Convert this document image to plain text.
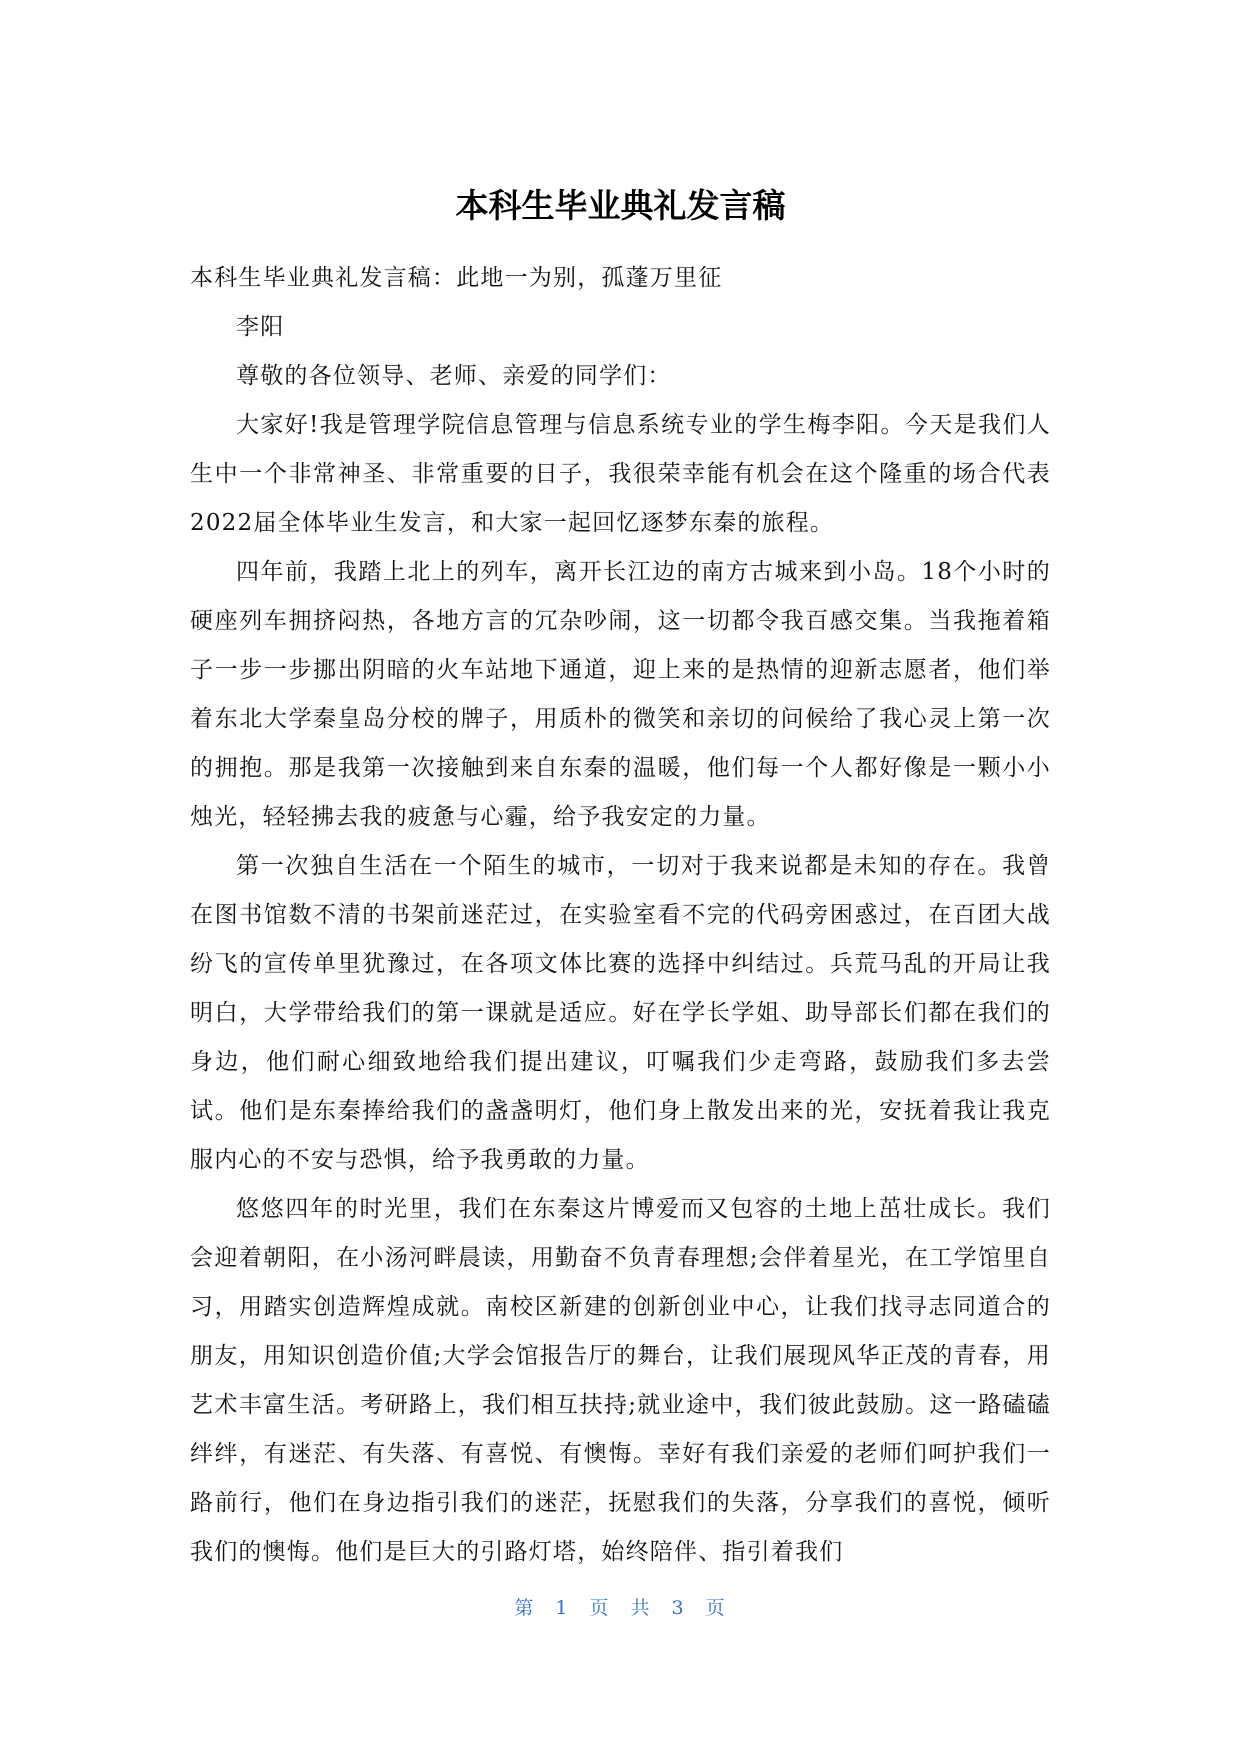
本科生毕业典礼发言稿

本科生毕业典礼发言稿：此地一为别，孤蓬万里征

李阳

尊敬的各位领导、老师、亲爱的同学们：

大家好!我是管理学院信息管理与信息系统专业的学生梅李阳。今天是我们人生中一个非常神圣、非常重要的日子，我很荣幸能有机会在这个隆重的场合代表2022届全体毕业生发言，和大家一起回忆逐梦东秦的旅程。

四年前，我踏上北上的列车，离开长江边的南方古城来到小岛。18个小时的硬座列车拥挤闷热，各地方言的冗杂吵闹，这一切都令我百感交集。当我拖着箱子一步一步挪出阴暗的火车站地下通道，迎上来的是热情的迎新志愿者，他们举着东北大学秦皇岛分校的牌子，用质朴的微笑和亲切的问候给了我心灵上第一次的拥抱。那是我第一次接触到来自东秦的温暖，他们每一个人都好像是一颗小小烛光，轻轻拂去我的疲惫与心霾，给予我安定的力量。

第一次独自生活在一个陌生的城市，一切对于我来说都是未知的存在。我曾在图书馆数不清的书架前迷茫过，在实验室看不完的代码旁困惑过，在百团大战纷飞的宣传单里犹豫过，在各项文体比赛的选择中纠结过。兵荒马乱的开局让我明白，大学带给我们的第一课就是适应。好在学长学姐、助导部长们都在我们的身边，他们耐心细致地给我们提出建议，叮嘱我们少走弯路，鼓励我们多去尝试。他们是东秦捧给我们的盏盏明灯，他们身上散发出来的光，安抚着我让我克服内心的不安与恐惧，给予我勇敢的力量。

悠悠四年的时光里，我们在东秦这片博爱而又包容的土地上茁壮成长。我们会迎着朝阳，在小汤河畔晨读，用勤奋不负青春理想;会伴着星光，在工学馆里自习，用踏实创造辉煌成就。南校区新建的创新创业中心，让我们找寻志同道合的朋友，用知识创造价值;大学会馆报告厅的舞台，让我们展现风华正茂的青春，用艺术丰富生活。考研路上，我们相互扶持;就业途中，我们彼此鼓励。这一路磕磕绊绊，有迷茫、有失落、有喜悦、有懊悔。幸好有我们亲爱的老师们呵护我们一路前行，他们在身边指引我们的迷茫，抚慰我们的失落，分享我们的喜悦，倾听我们的懊悔。他们是巨大的引路灯塔，始终陪伴、指引着我们

第 1 页 共 3 页
